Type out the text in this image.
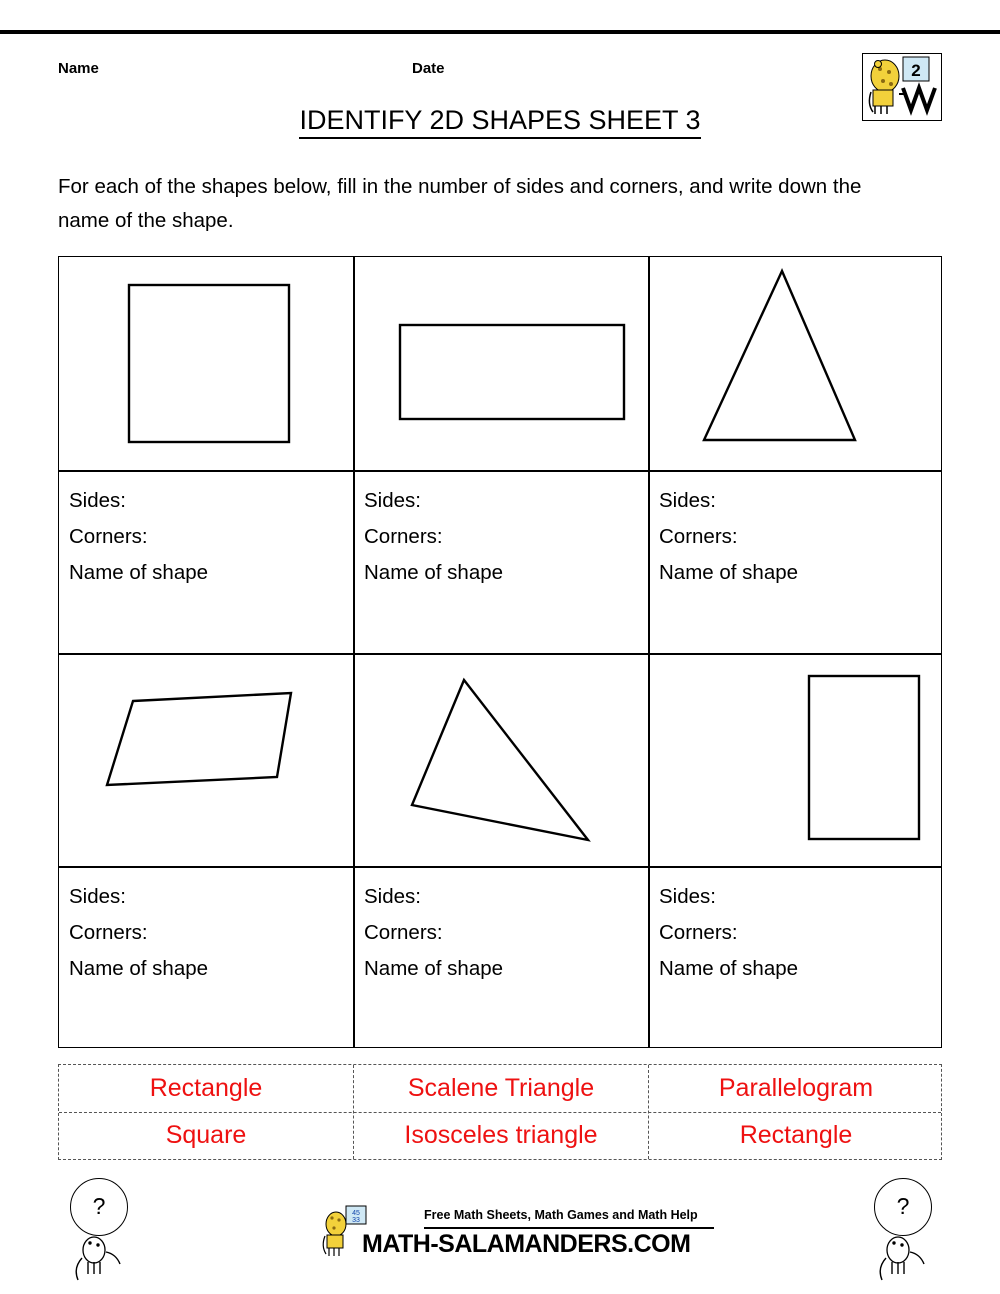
Name	Date	2
IDENTIFY 2D SHAPES SHEET 3
For each of the shapes below, fill in the number of sides and corners, and write down the name of the shape.
Sides:
Corners:
Name of shape
Sides:
Corners:
Name of shape
Sides:
Corners:
Name of shape
Sides:
Corners:
Name of shape
Sides:
Corners:
Name of shape
Sides:
Corners:
Name of shape
Rectangle	Scalene Triangle	Parallelogram
Square	Isosceles triangle	Rectangle
?	?
45
33	Free Math Sheets, Math Games and Math Help
MATH-SALAMANDERS.COM
